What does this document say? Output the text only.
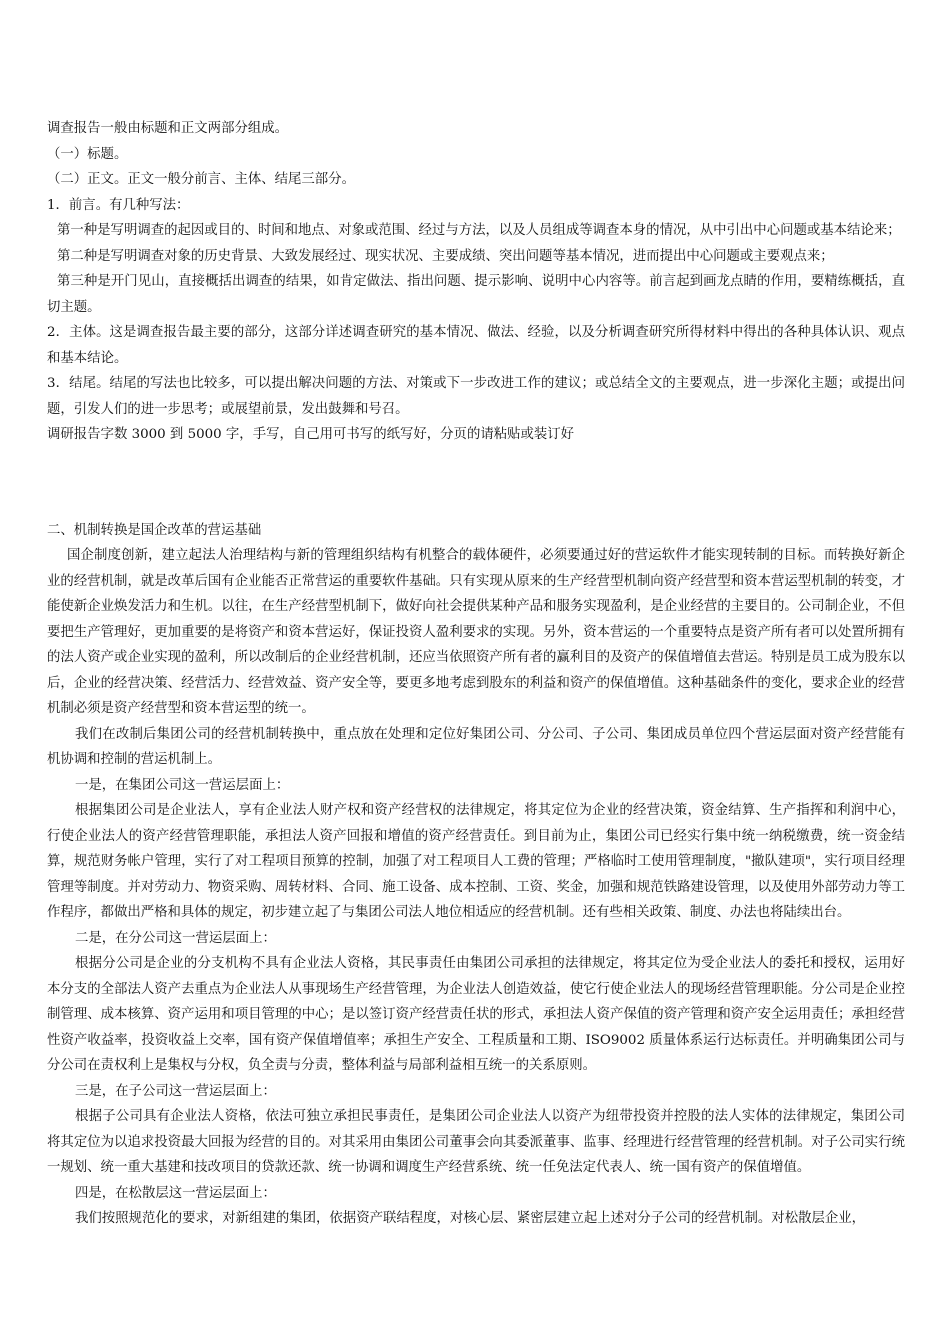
调查报告一般由标题和正文两部分组成。

（一）标题。

（二）正文。正文一般分前言、主体、结尾三部分。

1．前言。有几种写法：

第一种是写明调查的起因或目的、时间和地点、对象或范围、经过与方法，以及人员组成等调查本身的情况，从中引出中心问题或基本结论来；

第二种是写明调查对象的历史背景、大致发展经过、现实状况、主要成绩、突出问题等基本情况，进而提出中心问题或主要观点来；

第三种是开门见山，直接概括出调查的结果，如肯定做法、指出问题、提示影响、说明中心内容等。前言起到画龙点睛的作用，要精练概括，直切主题。

2．主体。这是调查报告最主要的部分，这部分详述调查研究的基本情况、做法、经验，以及分析调查研究所得材料中得出的各种具体认识、观点和基本结论。

3．结尾。结尾的写法也比较多，可以提出解决问题的方法、对策或下一步改进工作的建议；或总结全文的主要观点，进一步深化主题；或提出问题，引发人们的进一步思考；或展望前景，发出鼓舞和号召。

调研报告字数 3000 到 5000 字，手写，自己用可书写的纸写好，分页的请粘贴或装订好

二、机制转换是国企改革的营运基础

国企制度创新，建立起法人治理结构与新的管理组织结构有机整合的载体硬件，必须要通过好的营运软件才能实现转制的目标。而转换好新企业的经营机制，就是改革后国有企业能否正常营运的重要软件基础。只有实现从原来的生产经营型机制向资产经营型和资本营运型机制的转变，才能使新企业焕发活力和生机。以往，在生产经营型机制下，做好向社会提供某种产品和服务实现盈利，是企业经营的主要目的。公司制企业，不但要把生产管理好，更加重要的是将资产和资本营运好，保证投资人盈利要求的实现。另外，资本营运的一个重要特点是资产所有者可以处置所拥有的法人资产或企业实现的盈利，所以改制后的企业经营机制，还应当依照资产所有者的赢利目的及资产的保值增值去营运。特别是员工成为股东以后，企业的经营决策、经营活力、经营效益、资产安全等，要更多地考虑到股东的利益和资产的保值增值。这种基础条件的变化，要求企业的经营机制必须是资产经营型和资本营运型的统一。

我们在改制后集团公司的经营机制转换中，重点放在处理和定位好集团公司、分公司、子公司、集团成员单位四个营运层面对资产经营能有机协调和控制的营运机制上。

一是，在集团公司这一营运层面上：

根据集团公司是企业法人，享有企业法人财产权和资产经营权的法律规定，将其定位为企业的经营决策，资金结算、生产指挥和利润中心，行使企业法人的资产经营管理职能，承担法人资产回报和增值的资产经营责任。到目前为止，集团公司已经实行集中统一纳税缴费，统一资金结算，规范财务帐户管理，实行了对工程项目预算的控制，加强了对工程项目人工费的管理；严格临时工使用管理制度，"撤队建项"，实行项目经理管理等制度。并对劳动力、物资采购、周转材料、合同、施工设备、成本控制、工资、奖金，加强和规范铁路建设管理，以及使用外部劳动力等工作程序，都做出严格和具体的规定，初步建立起了与集团公司法人地位相适应的经营机制。还有些相关政策、制度、办法也将陆续出台。

二是，在分公司这一营运层面上：

根据分公司是企业的分支机构不具有企业法人资格，其民事责任由集团公司承担的法律规定，将其定位为受企业法人的委托和授权，运用好本分支的全部法人资产去重点为企业法人从事现场生产经营管理，为企业法人创造效益，使它行使企业法人的现场经营管理职能。分公司是企业控制管理、成本核算、资产运用和项目管理的中心；是以签订资产经营责任状的形式，承担法人资产保值的资产管理和资产安全运用责任；承担经营性资产收益率，投资收益上交率，国有资产保值增值率；承担生产安全、工程质量和工期、ISO9002 质量体系运行达标责任。并明确集团公司与分公司在责权利上是集权与分权，负全责与分责，整体利益与局部利益相互统一的关系原则。

三是，在子公司这一营运层面上：

根据子公司具有企业法人资格，依法可独立承担民事责任，是集团公司企业法人以资产为纽带投资并控股的法人实体的法律规定，集团公司将其定位为以追求投资最大回报为经营的目的。对其采用由集团公司董事会向其委派董事、监事、经理进行经营管理的经营机制。对子公司实行统一规划、统一重大基建和技改项目的贷款还款、统一协调和调度生产经营系统、统一任免法定代表人、统一国有资产的保值增值。

四是，在松散层这一营运层面上：

我们按照规范化的要求，对新组建的集团，依据资产联结程度，对核心层、紧密层建立起上述对分子公司的经营机制。对松散层企业，
